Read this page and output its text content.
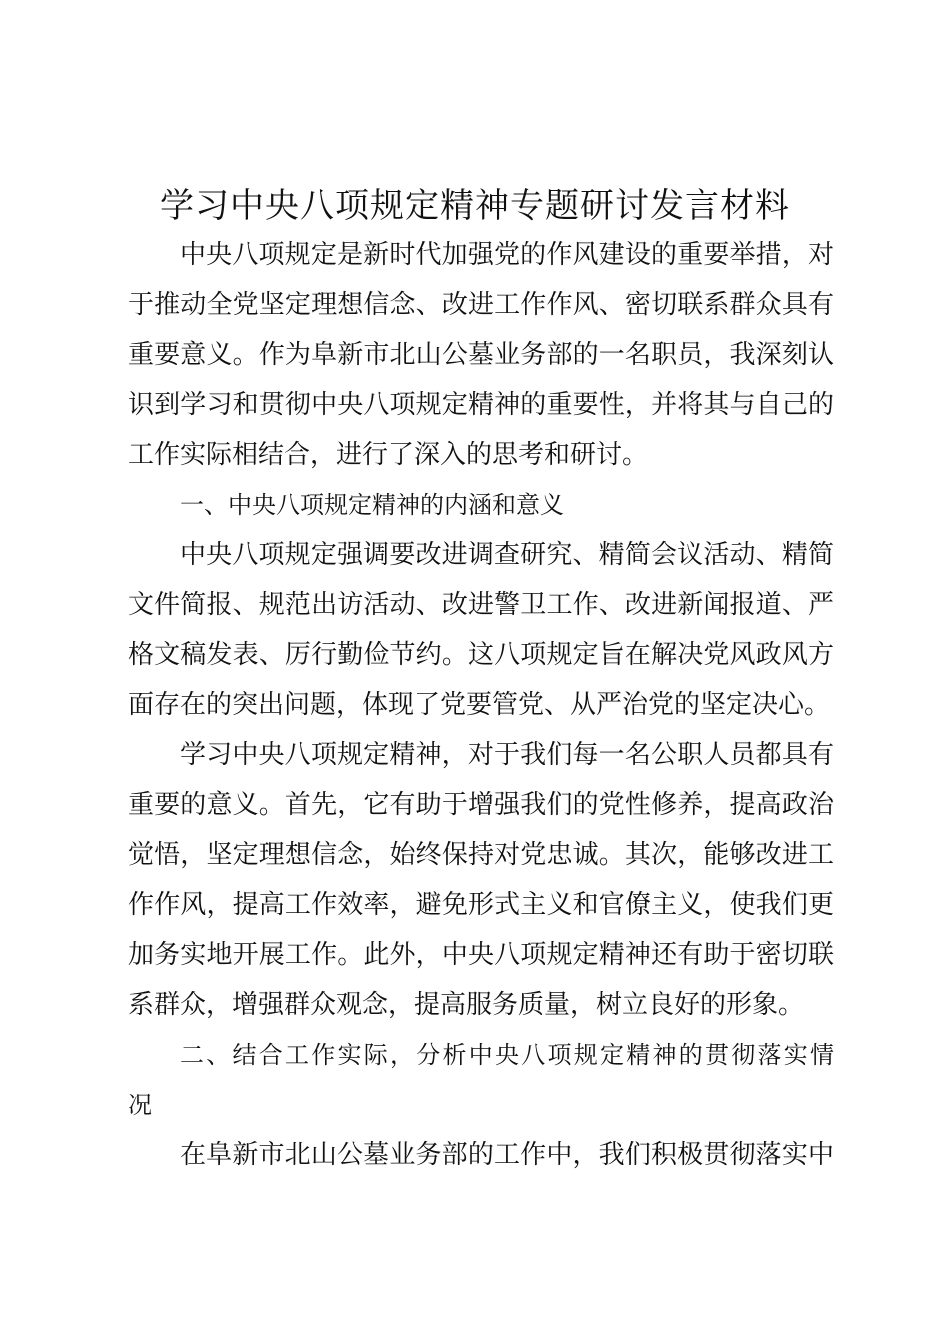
学习中央八项规定精神专题研讨发言材料
中央八项规定是新时代加强党的作风建设的重要举措，对
于推动全党坚定理想信念、改进工作作风、密切联系群众具有
重要意义。作为阜新市北山公墓业务部的一名职员，我深刻认
识到学习和贯彻中央八项规定精神的重要性，并将其与自己的
工作实际相结合，进行了深入的思考和研讨。
一、中央八项规定精神的内涵和意义
中央八项规定强调要改进调查研究、精简会议活动、精简
文件简报、规范出访活动、改进警卫工作、改进新闻报道、严
格文稿发表、厉行勤俭节约。这八项规定旨在解决党风政风方
面存在的突出问题，体现了党要管党、从严治党的坚定决心。
学习中央八项规定精神，对于我们每一名公职人员都具有
重要的意义。首先，它有助于增强我们的党性修养，提高政治
觉悟，坚定理想信念，始终保持对党忠诚。其次，能够改进工
作作风，提高工作效率，避免形式主义和官僚主义，使我们更
加务实地开展工作。此外，中央八项规定精神还有助于密切联
系群众，增强群众观念，提高服务质量，树立良好的形象。
二、结合工作实际，分析中央八项规定精神的贯彻落实情
况
在阜新市北山公墓业务部的工作中，我们积极贯彻落实中
